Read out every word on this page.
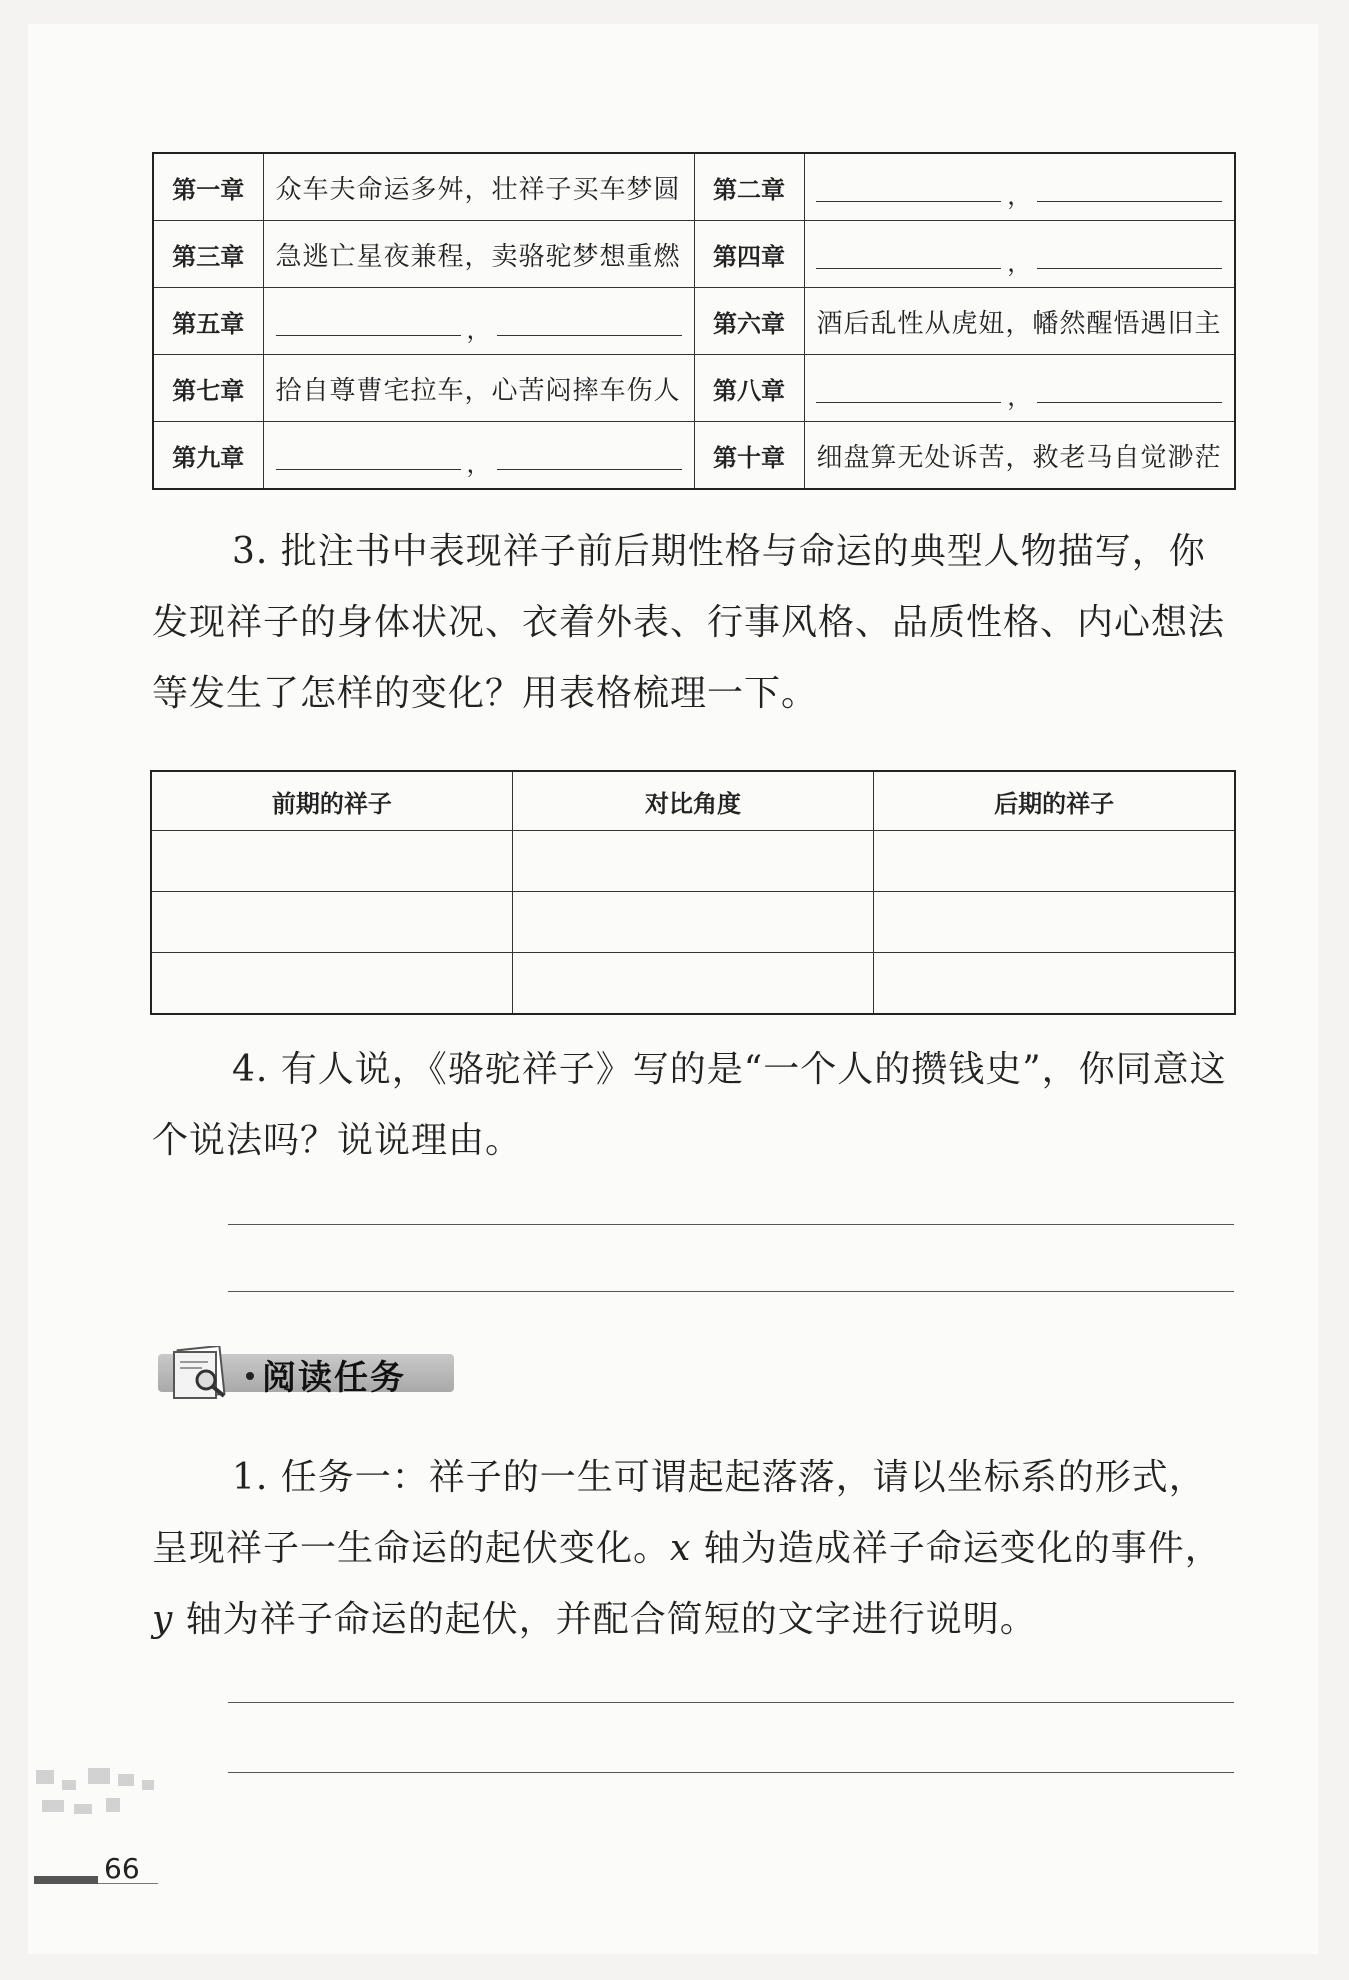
第一章	众车夫命运多舛，壮祥子买车梦圆	第二章	，

第三章	急逃亡星夜兼程，卖骆驼梦想重燃	第四章	，

第五章	，	第六章	酒后乱性从虎妞，幡然醒悟遇旧主
第七章	拾自尊曹宅拉车，心苦闷摔车伤人	第八章	，

第九章	，	第十章	细盘算无处诉苦，救老马自觉渺茫

3. 批注书中表现祥子前后期性格与命运的典型人物描写，你发现祥子的身体状况、衣着外表、行事风格、品质性格、内心想法等发生了怎样的变化？用表格梳理一下。

前期的祥子	对比角度	后期的祥子

4. 有人说，《骆驼祥子》写的是“一个人的攒钱史”，你同意这个说法吗？说说理由。

阅读任务

1. 任务一：祥子的一生可谓起起落落，请以坐标系的形式，呈现祥子一生命运的起伏变化。x 轴为造成祥子命运变化的事件，y 轴为祥子命运的起伏，并配合简短的文字进行说明。

66
